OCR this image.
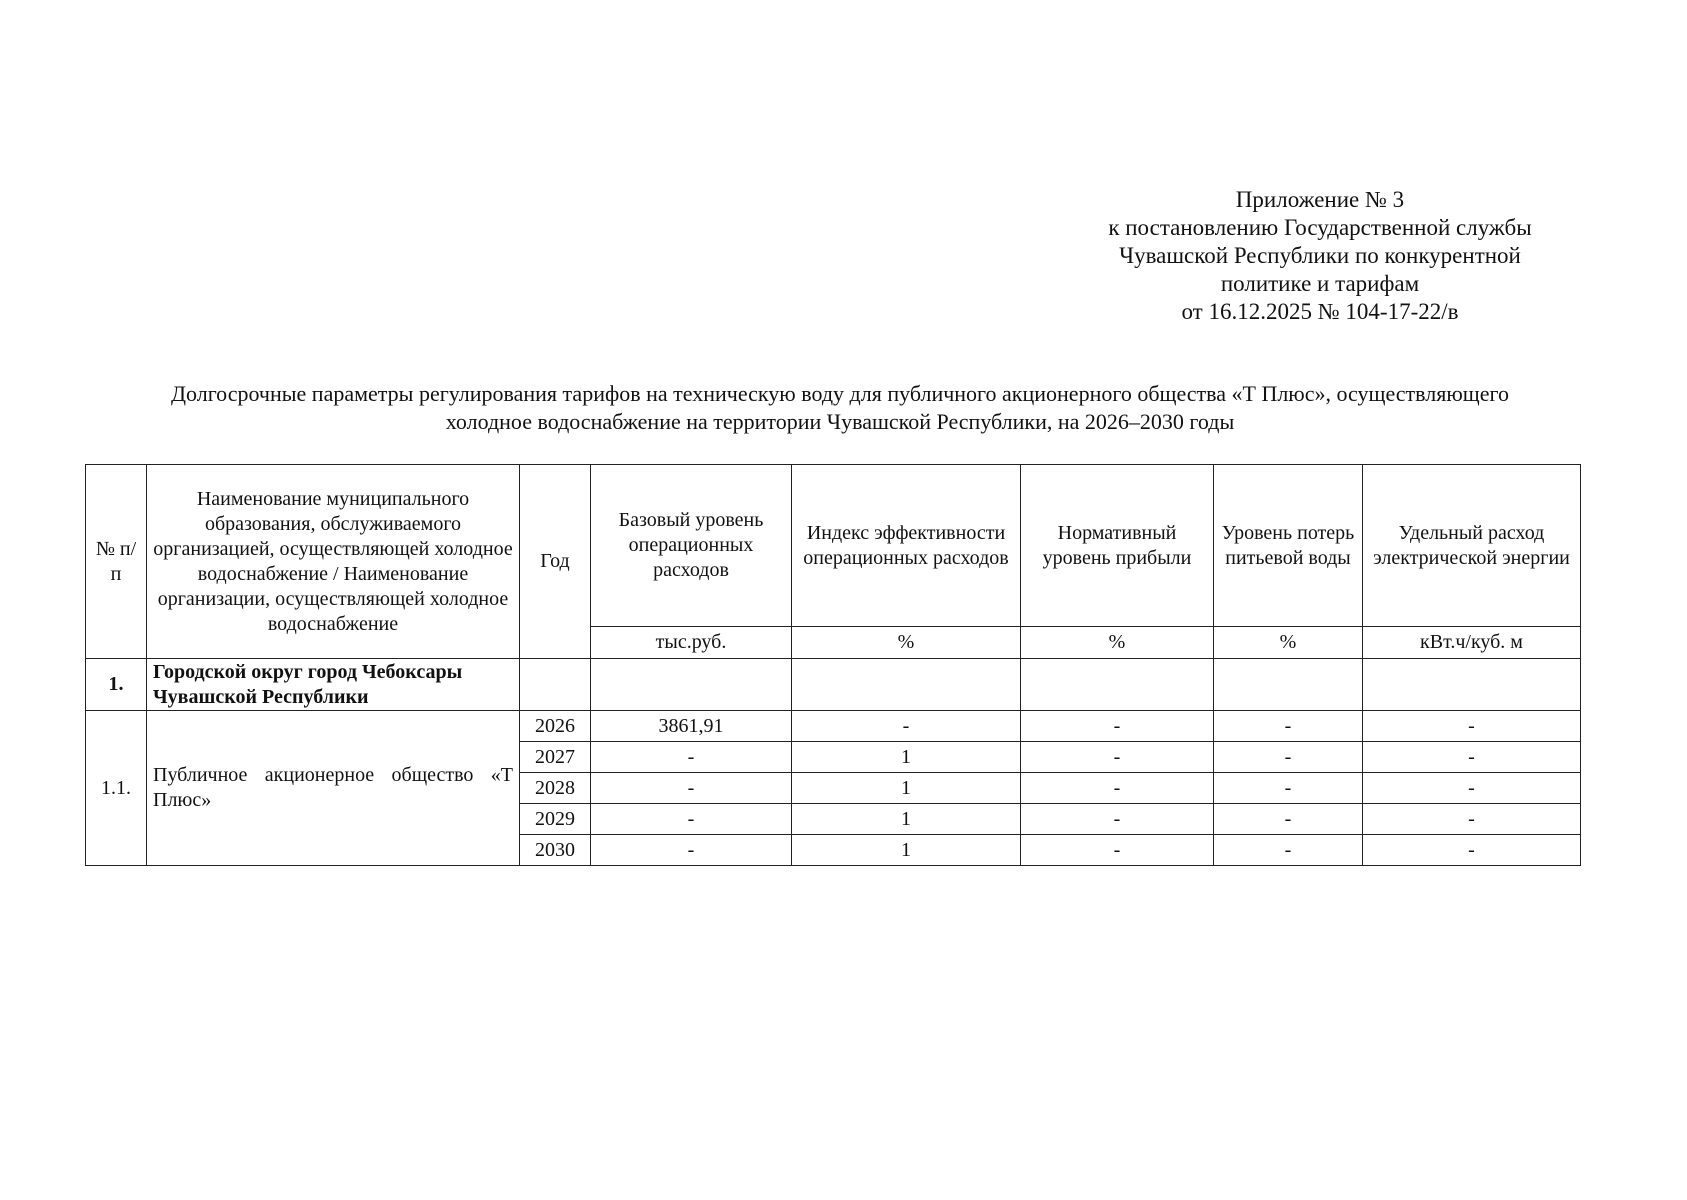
Приложение № 3
к постановлению Государственной службы
Чувашской Республики по конкурентной
политике и тарифам
от 16.12.2025 № 104-17-22/в
Долгосрочные параметры регулирования тарифов на техническую воду для публичного акционерного общества «Т Плюс», осуществляющего
холодное водоснабжение на территории Чувашской Республики, на 2026–2030 годы
№ п/п	Наименование муниципального образования, обслуживаемого организацией, осуществляющей холодное водоснабжение / Наименование организации, осуществляющей холодное водоснабжение	Год	Базовый уровень операционных расходов	Индекс эффективности операционных расходов	Нормативный уровень прибыли	Уровень потерь питьевой воды	Удельный расход электрической энергии
			тыс.руб.	%	%	%	кВт.ч/куб. м
1.	Городской округ город Чебоксары Чувашской Республики						
1.1.	Публичное акционерное общество «Т Плюс»	2026	3861,91	-	-	-	-
		2027	-	1	-	-	-
		2028	-	1	-	-	-
		2029	-	1	-	-	-
		2030	-	1	-	-	-
